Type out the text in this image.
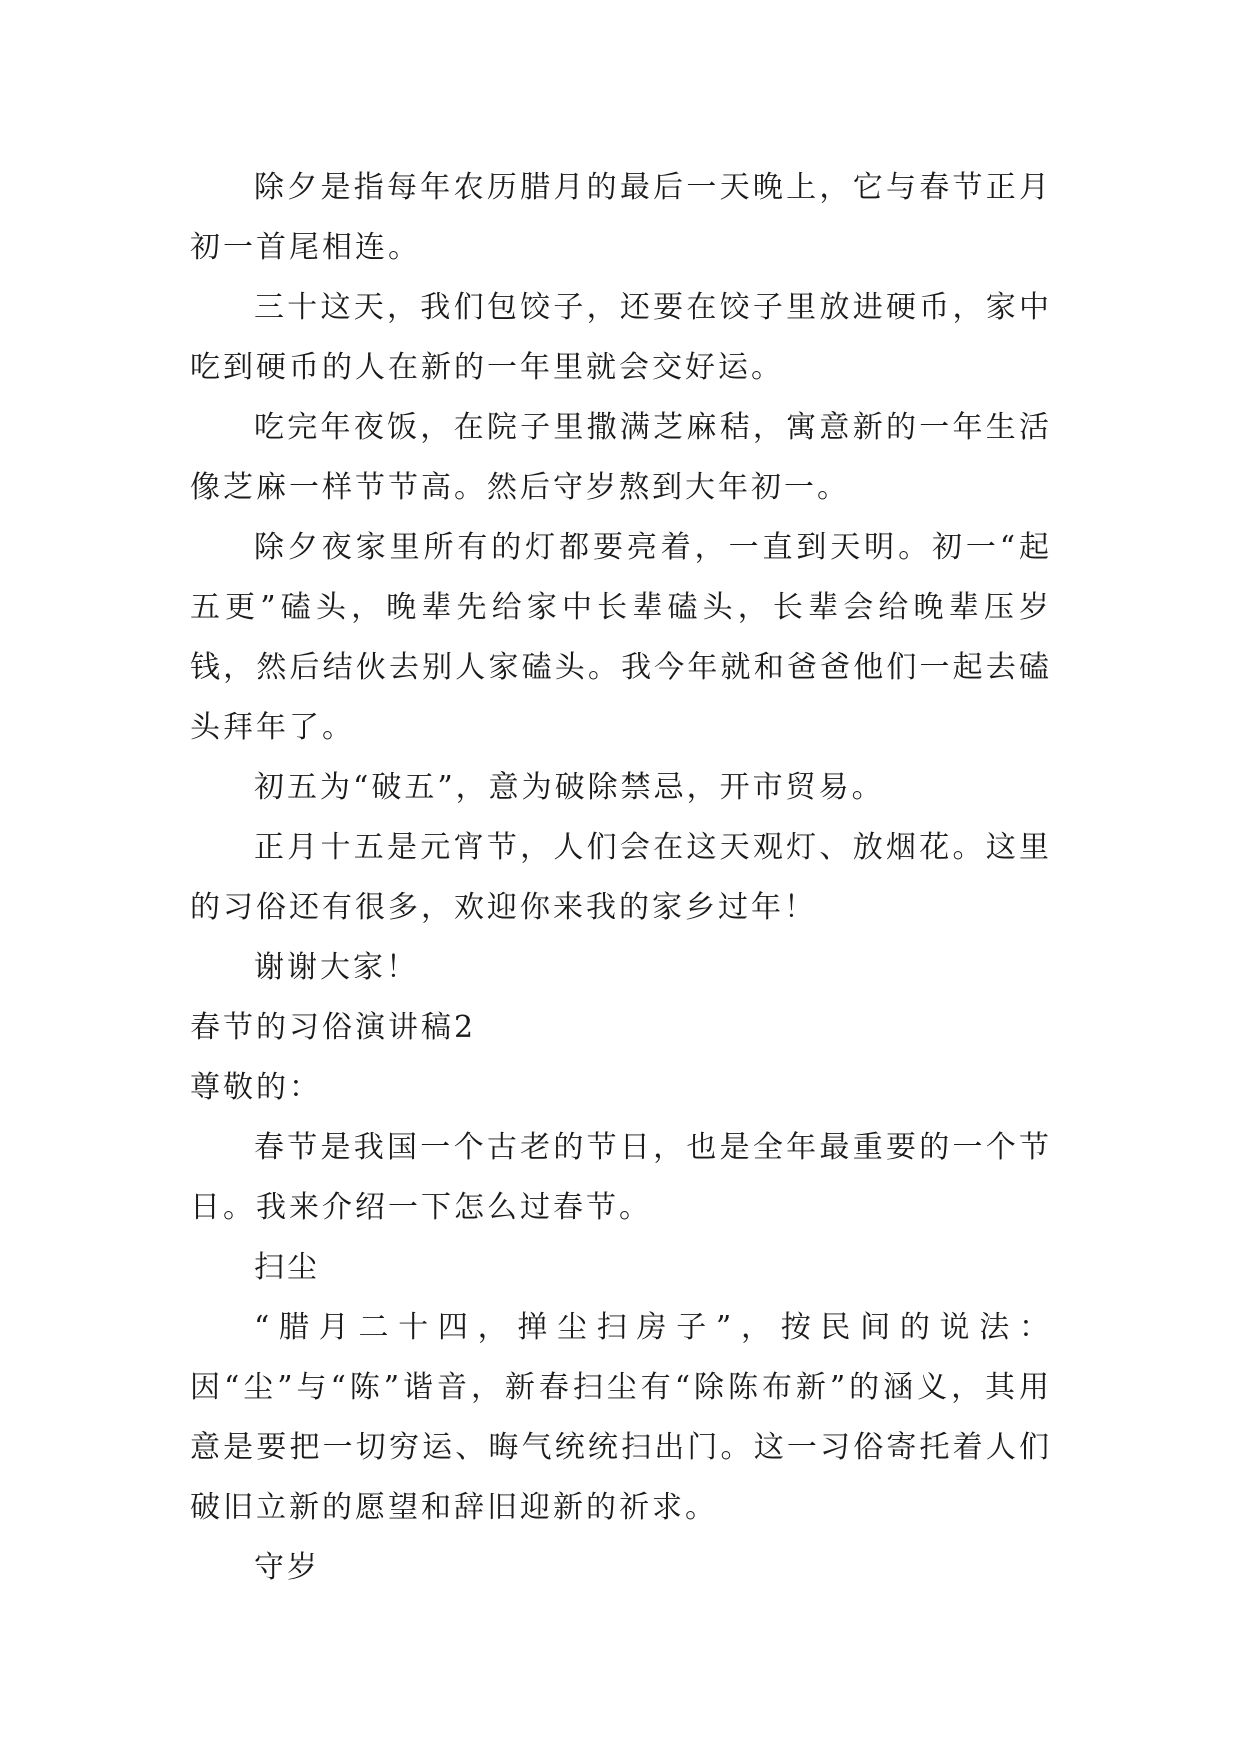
除夕是指每年农历腊月的最后一天晚上，它与春节正月初一首尾相连。

三十这天，我们包饺子，还要在饺子里放进硬币，家中吃到硬币的人在新的一年里就会交好运。

吃完年夜饭，在院子里撒满芝麻秸，寓意新的一年生活像芝麻一样节节高。然后守岁熬到大年初一。

除夕夜家里所有的灯都要亮着，一直到天明。初一“起五更”磕头，晚辈先给家中长辈磕头，长辈会给晚辈压岁钱，然后结伙去别人家磕头。我今年就和爸爸他们一起去磕头拜年了。

初五为“破五”，意为破除禁忌，开市贸易。

正月十五是元宵节，人们会在这天观灯、放烟花。这里的习俗还有很多，欢迎你来我的家乡过年！

谢谢大家！

春节的习俗演讲稿2

尊敬的：

春节是我国一个古老的节日，也是全年最重要的一个节日。我来介绍一下怎么过春节。

扫尘

“腊月二十四，掸尘扫房子”，按民间的说法：因“尘”与“陈”谐音，新春扫尘有“除陈布新”的涵义，其用意是要把一切穷运、晦气统统扫出门。这一习俗寄托着人们破旧立新的愿望和辞旧迎新的祈求。

守岁
